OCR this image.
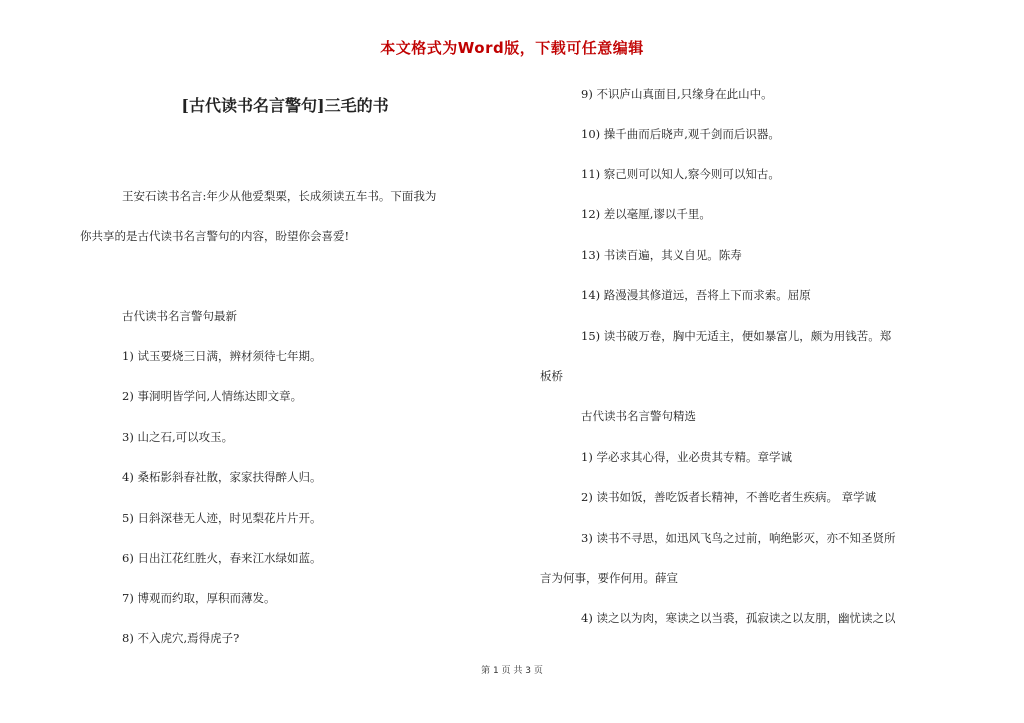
本文格式为Word版，下载可任意编辑
[古代读书名言警句]三毛的书
王安石读书名言:年少从他爱梨栗，长成须读五车书。下面我为
你共享的是古代读书名言警句的内容，盼望你会喜爱!
古代读书名言警句最新
1) 试玉要烧三日满，辨材须待七年期。
2) 事洞明皆学问,人情练达即文章。
3) 山之石,可以攻玉。
4) 桑柘影斜春社散，家家扶得醉人归。
5) 日斜深巷无人迹，时见梨花片片开。
6) 日出江花红胜火，春来江水绿如蓝。
7) 博观而约取，厚积而薄发。
8) 不入虎穴,焉得虎子?
9) 不识庐山真面目,只缘身在此山中。
10) 操千曲而后晓声,观千剑而后识器。
11) 察己则可以知人,察今则可以知古。
12) 差以毫厘,谬以千里。
13) 书读百遍，其义自见。陈寿
14) 路漫漫其修道远，吾将上下而求索。屈原
15) 读书破万卷，胸中无适主，便如暴富儿，颇为用钱苦。郑
板桥
古代读书名言警句精选
1) 学必求其心得，业必贵其专精。章学诚
2) 读书如饭，善吃饭者长精神，不善吃者生疾病。 章学诚
3) 读书不寻思，如迅风飞鸟之过前，响绝影灭，亦不知圣贤所
言为何事，要作何用。薛宣
4) 读之以为肉，寒读之以当裘，孤寂读之以友朋，幽忧读之以
第 1 页 共 3 页
